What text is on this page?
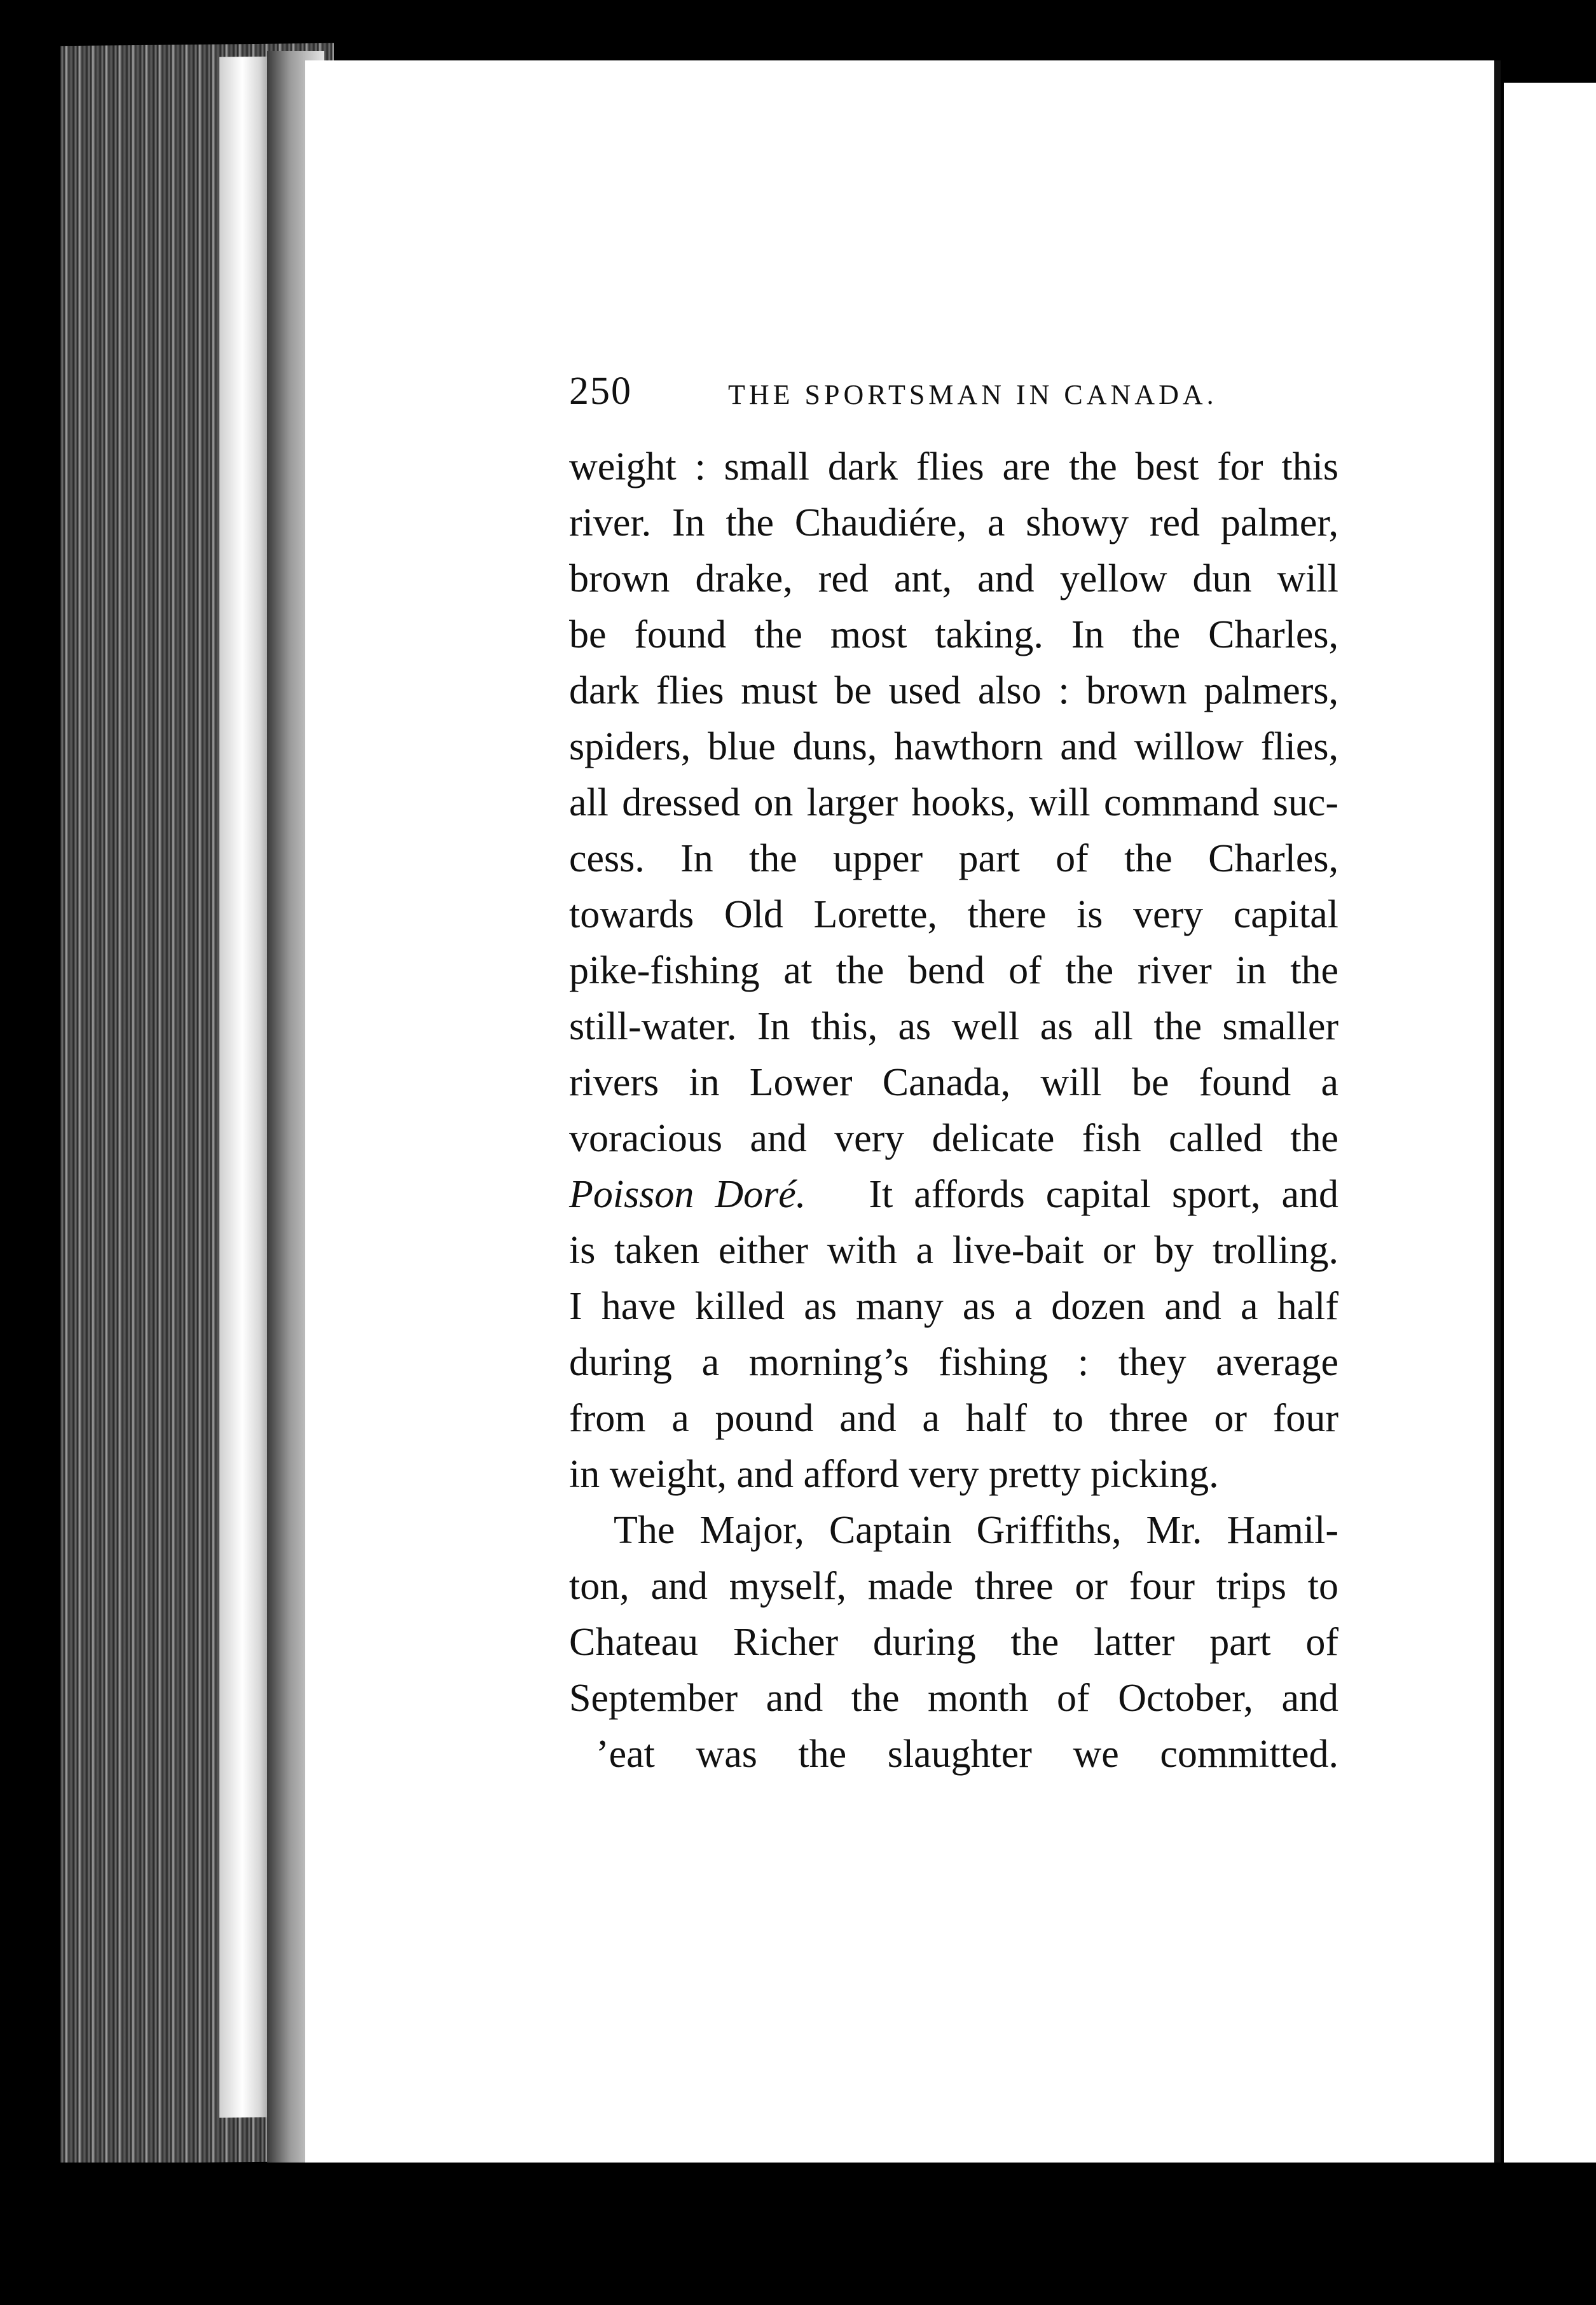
250	THE SPORTSMAN IN CANADA.
weight : small dark flies are the best for this
river. In the Chaudiére, a showy red palmer,
brown drake, red ant, and yellow dun will
be found the most taking. In the Charles,
dark flies must be used also : brown palmers,
spiders, blue duns, hawthorn and willow flies,
all dressed on larger hooks, will command suc-
cess. In the upper part of the Charles,
towards Old Lorette, there is very capital
pike-fishing at the bend of the river in the
still-water. In this, as well as all the smaller
rivers in Lower Canada, will be found a
voracious and very delicate fish called the
Poisson Doré. It affords capital sport, and
is taken either with a live-bait or by trolling.
I have killed as many as a dozen and a half
during a morning’s fishing : they average
from a pound and a half to three or four
in weight, and afford very pretty picking.
The Major, Captain Griffiths, Mr. Hamil-
ton, and myself, made three or four trips to
Chateau Richer during the latter part of
September and the month of October, and
’eat was the slaughter we committed.
